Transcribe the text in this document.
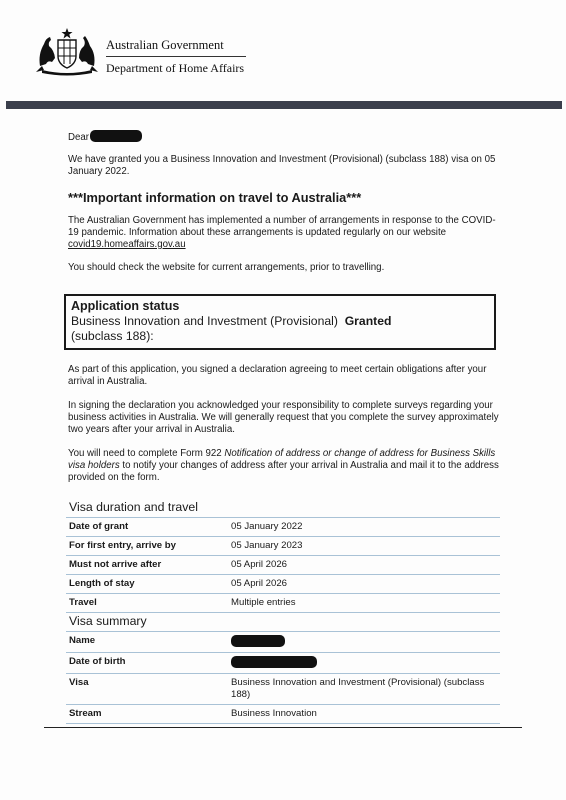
Australian Government
Department of Home Affairs

Dear

We have granted you a Business Innovation and Investment (Provisional) (subclass 188) visa on 05 January 2022.

***Important information on travel to Australia***

The Australian Government has implemented a number of arrangements in response to the COVID-19 pandemic. Information about these arrangements is updated regularly on our website covid19.homeaffairs.gov.au

You should check the website for current arrangements, prior to travelling.

Application status
Business Innovation and Investment (Provisional) Granted
(subclass 188):

As part of this application, you signed a declaration agreeing to meet certain obligations after your arrival in Australia.

In signing the declaration you acknowledged your responsibility to complete surveys regarding your business activities in Australia. We will generally request that you complete the survey approximately two years after your arrival in Australia.

You will need to complete Form 922 Notification of address or change of address for Business Skills visa holders to notify your changes of address after your arrival in Australia and mail it to the address provided on the form.

Visa duration and travel
Date of grant	05 January 2022
For first entry, arrive by	05 January 2023
Must not arrive after	05 April 2026
Length of stay	05 April 2026
Travel	Multiple entries
Visa summary
Name
Date of birth
Visa	Business Innovation and Investment (Provisional) (subclass 188)
Stream	Business Innovation
